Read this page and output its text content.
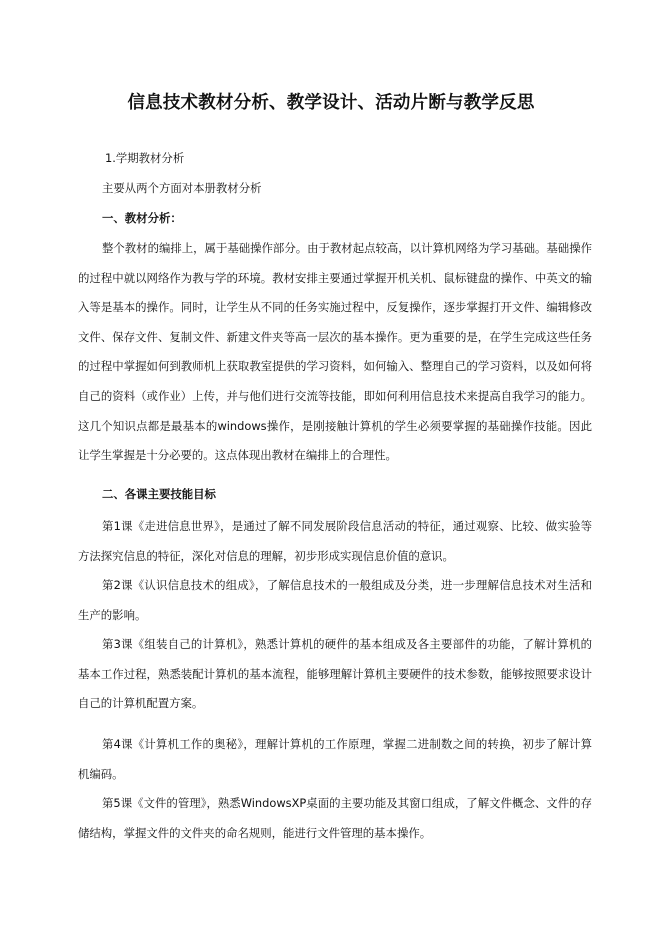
信息技术教材分析、教学设计、活动片断与教学反思
1.学期教材分析
主要从两个方面对本册教材分析
一、教材分析：

整个教材的编排上，属于基础操作部分。由于教材起点较高，以计算机网络为学习基础。基础操作的过程中就以网络作为教与学的环境。教材安排主要通过掌握开机关机、鼠标键盘的操作、中英文的输入等是基本的操作。同时，让学生从不同的任务实施过程中，反复操作，逐步掌握打开文件、编辑修改文件、保存文件、复制文件、新建文件夹等高一层次的基本操作。更为重要的是，在学生完成这些任务的过程中掌握如何到教师机上获取教室提供的学习资料，如何输入、整理自己的学习资料，以及如何将自己的资料（或作业）上传，并与他们进行交流等技能，即如何利用信息技术来提高自我学习的能力。这几个知识点都是最基本的windows操作，是刚接触计算机的学生必须要掌握的基础操作技能。因此让学生掌握是十分必要的。这点体现出教材在编排上的合理性。

二、各课主要技能目标

第1课《走进信息世界》，是通过了解不同发展阶段信息活动的特征，通过观察、比较、做实验等方法探究信息的特征，深化对信息的理解，初步形成实现信息价值的意识。

第2课《认识信息技术的组成》，了解信息技术的一般组成及分类，进一步理解信息技术对生活和生产的影响。

第3课《组装自己的计算机》，熟悉计算机的硬件的基本组成及各主要部件的功能，了解计算机的基本工作过程，熟悉装配计算机的基本流程，能够理解计算机主要硬件的技术参数，能够按照要求设计自己的计算机配置方案。

第4课《计算机工作的奥秘》，理解计算机的工作原理，掌握二进制数之间的转换，初步了解计算机编码。

第5课《文件的管理》，熟悉WindowsXP桌面的主要功能及其窗口组成，了解文件概念、文件的存储结构，掌握文件的文件夹的命名规则，能进行文件管理的基本操作。
